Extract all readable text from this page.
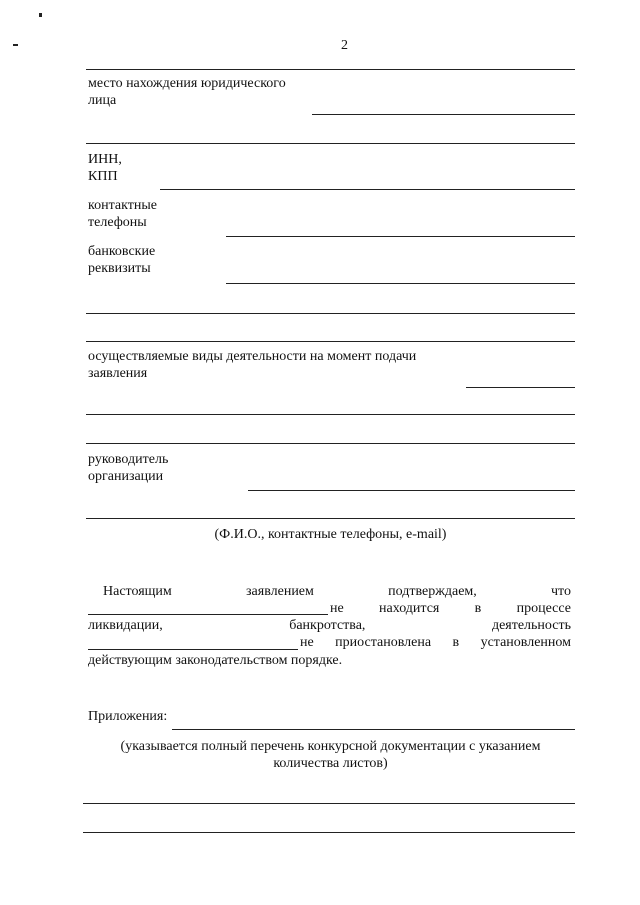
2
место нахождения юридического
лица
ИНН,
КПП
контактные
телефоны
банковские
реквизиты
осуществляемые виды деятельности на момент подачи
заявления
руководитель
организации
(Ф.И.О., контактные телефоны, e-mail)
Настоящим	заявлением	подтверждаем,	что
не	находится	в	процессе
ликвидации,	банкротства,	деятельность
не приостановлена в установленном
действующим законодательством порядке.
Приложения:
(указывается полный перечень конкурсной документации с указанием
количества листов)
